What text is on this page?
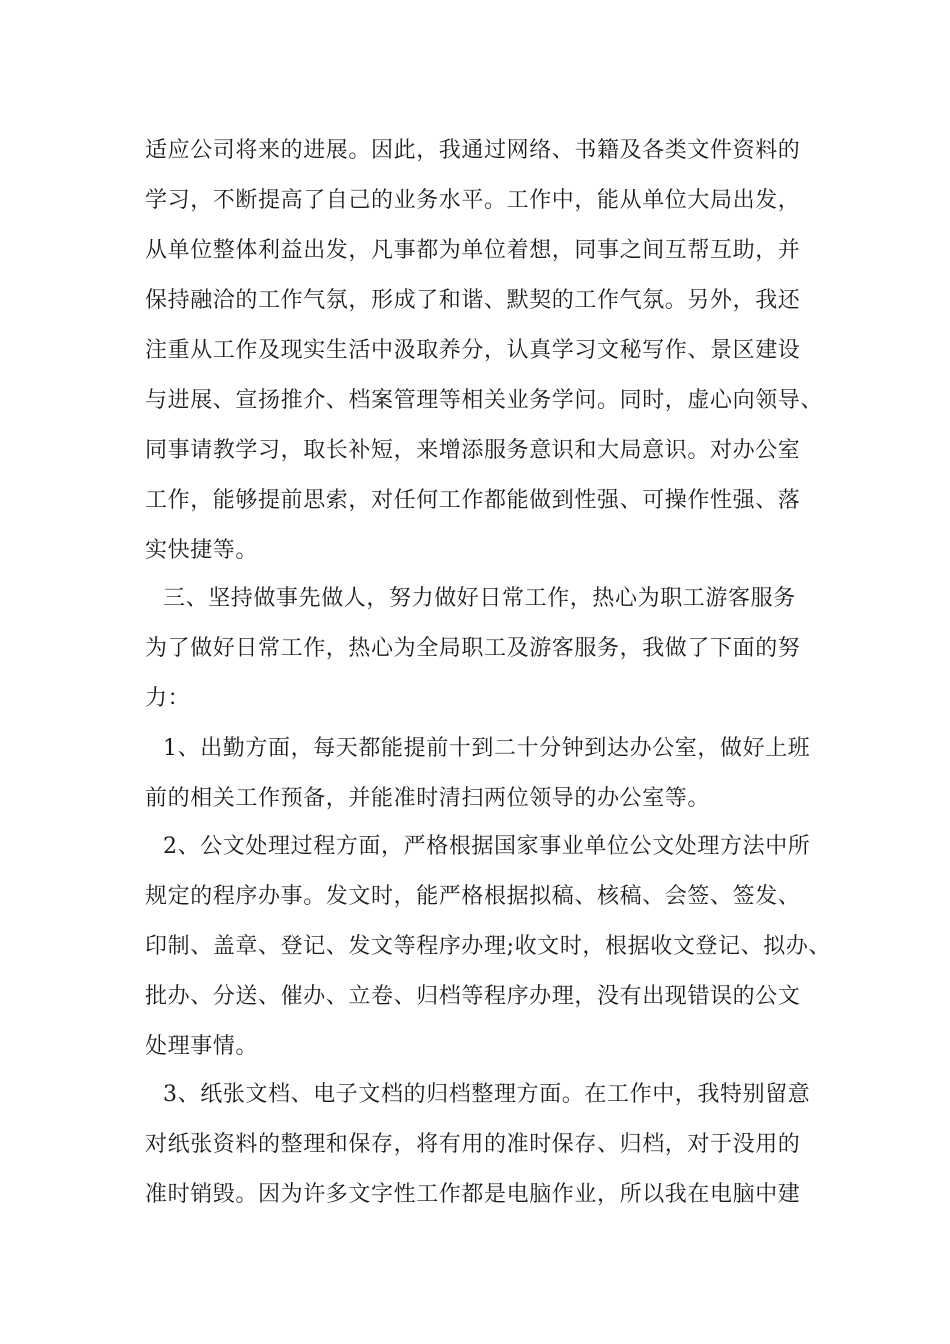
适应公司将来的进展。因此，我通过网络、书籍及各类文件资料的
学习，不断提高了自己的业务水平。工作中，能从单位大局出发，
从单位整体利益出发，凡事都为单位着想，同事之间互帮互助，并
保持融洽的工作气氛，形成了和谐、默契的工作气氛。另外，我还
注重从工作及现实生活中汲取养分，认真学习文秘写作、景区建设
与进展、宣扬推介、档案管理等相关业务学问。同时，虚心向领导、
同事请教学习，取长补短，来增添服务意识和大局意识。对办公室
工作，能够提前思索，对任何工作都能做到性强、可操作性强、落
实快捷等。
三、坚持做事先做人，努力做好日常工作，热心为职工游客服务
为了做好日常工作，热心为全局职工及游客服务，我做了下面的努
力：
1、出勤方面，每天都能提前十到二十分钟到达办公室，做好上班
前的相关工作预备，并能准时清扫两位领导的办公室等。
2、公文处理过程方面，严格根据国家事业单位公文处理方法中所
规定的程序办事。发文时，能严格根据拟稿、核稿、会签、签发、
印制、盖章、登记、发文等程序办理;收文时，根据收文登记、拟办、
批办、分送、催办、立卷、归档等程序办理，没有出现错误的公文
处理事情。
3、纸张文档、电子文档的归档整理方面。在工作中，我特别留意
对纸张资料的整理和保存，将有用的准时保存、归档，对于没用的
准时销毁。因为许多文字性工作都是电脑作业，所以我在电脑中建
